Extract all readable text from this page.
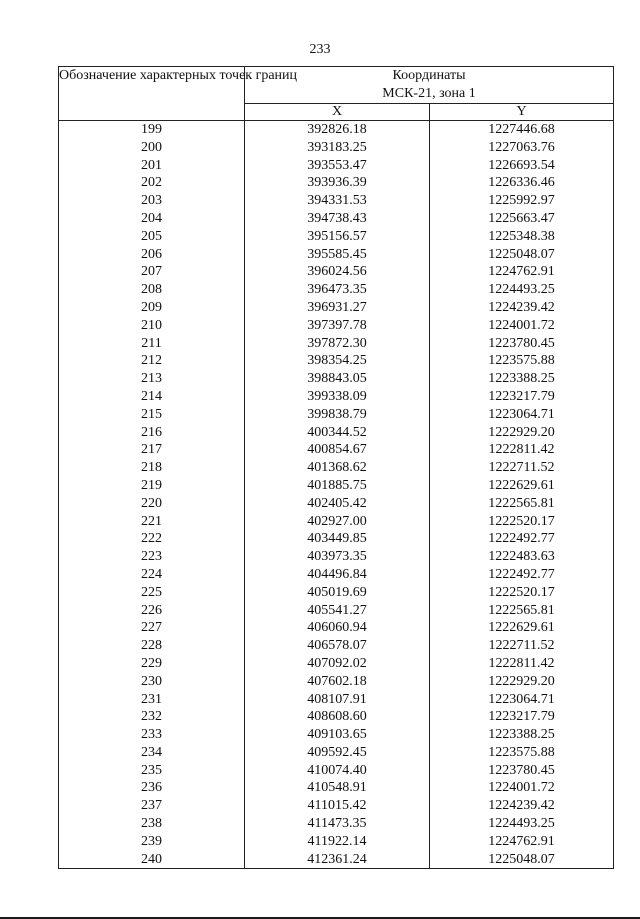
233
Обозначение характерных точек границ	Координаты
МСК-21, зона 1	

	X	Y
199	392826.18	1227446.68
200	393183.25	1227063.76
201	393553.47	1226693.54
202	393936.39	1226336.46
203	394331.53	1225992.97
204	394738.43	1225663.47
205	395156.57	1225348.38
206	395585.45	1225048.07
207	396024.56	1224762.91
208	396473.35	1224493.25
209	396931.27	1224239.42
210	397397.78	1224001.72
211	397872.30	1223780.45
212	398354.25	1223575.88
213	398843.05	1223388.25
214	399338.09	1223217.79
215	399838.79	1223064.71
216	400344.52	1222929.20
217	400854.67	1222811.42
218	401368.62	1222711.52
219	401885.75	1222629.61
220	402405.42	1222565.81
221	402927.00	1222520.17
222	403449.85	1222492.77
223	403973.35	1222483.63
224	404496.84	1222492.77
225	405019.69	1222520.17
226	405541.27	1222565.81
227	406060.94	1222629.61
228	406578.07	1222711.52
229	407092.02	1222811.42
230	407602.18	1222929.20
231	408107.91	1223064.71
232	408608.60	1223217.79
233	409103.65	1223388.25
234	409592.45	1223575.88
235	410074.40	1223780.45
236	410548.91	1224001.72
237	411015.42	1224239.42
238	411473.35	1224493.25
239	411922.14	1224762.91
240	412361.24	1225048.07
